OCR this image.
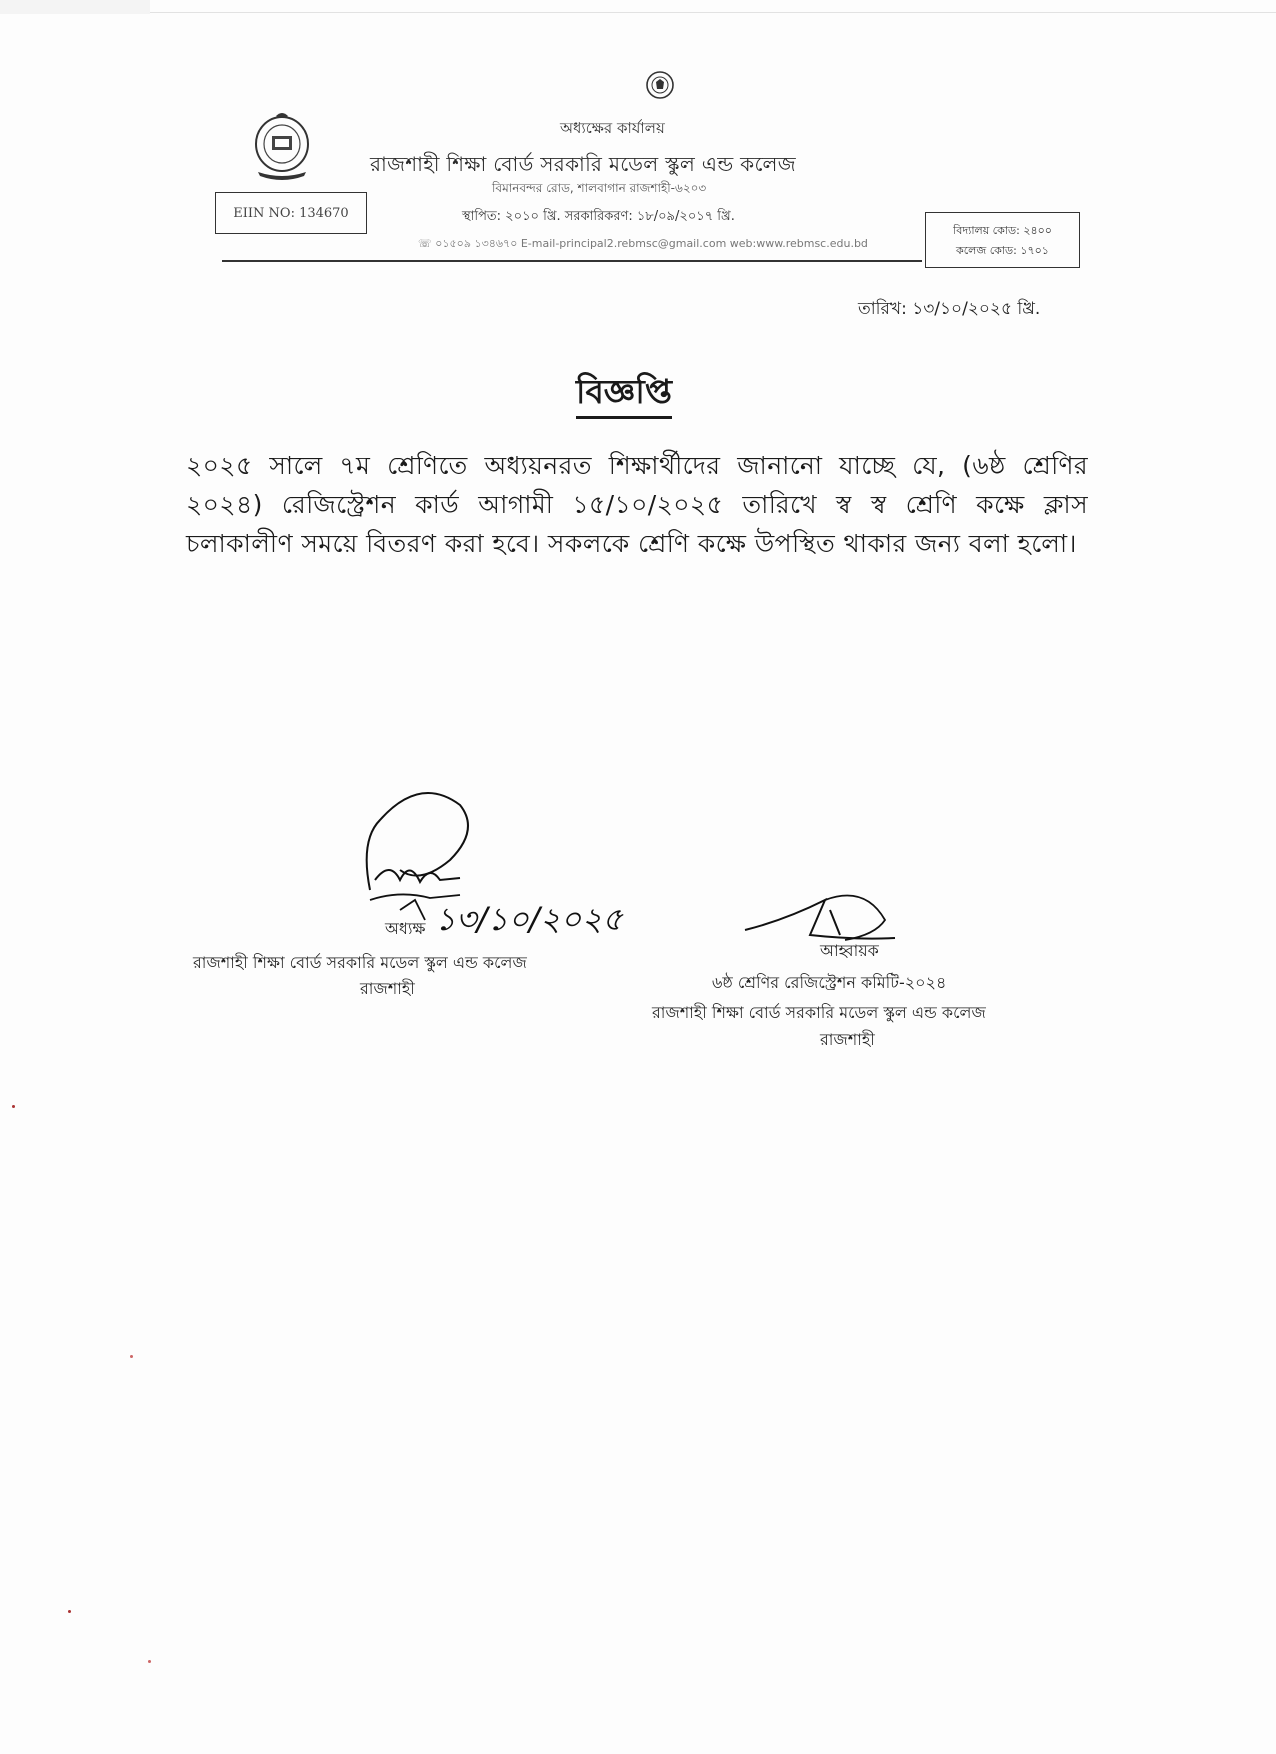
অধ্যক্ষের কার্যালয়
রাজশাহী শিক্ষা বোর্ড সরকারি মডেল স্কুল এন্ড কলেজ
বিমানবন্দর রোড, শালবাগান রাজশাহী-৬২০৩
স্থাপিত: ২০১০ খ্রি. সরকারিকরণ: ১৮/০৯/২০১৭ খ্রি.
☏ ০১৫০৯ ১৩৪৬৭০ E-mail-principal2.rebmsc@gmail.com web:www.rebmsc.edu.bd
EIIN NO: 134670
বিদ্যালয় কোড: ২৪০০
কলেজ কোড: ১৭০১
তারিখ: ১৩/১০/২০২৫ খ্রি.
বিজ্ঞপ্তি
২০২৫ সালে ৭ম শ্রেণিতে অধ্যয়নরত শিক্ষার্থীদের জানানো যাচ্ছে যে, (৬ষ্ঠ শ্রেণির ২০২৪) রেজিস্ট্রেশন কার্ড আগামী ১৫/১০/২০২৫ তারিখে স্ব স্ব শ্রেণি কক্ষে ক্লাস চলাকালীণ সময়ে বিতরণ করা হবে। সকলকে শ্রেণি কক্ষে উপস্থিত থাকার জন্য বলা হলো।
১৩/১০/২০২৫
অধ্যক্ষ
রাজশাহী শিক্ষা বোর্ড সরকারি মডেল স্কুল এন্ড কলেজ
রাজশাহী
আহ্বায়ক
৬ষ্ঠ শ্রেণির রেজিস্ট্রেশন কমিটি-২০২৪
রাজশাহী শিক্ষা বোর্ড সরকারি মডেল স্কুল এন্ড কলেজ
রাজশাহী
